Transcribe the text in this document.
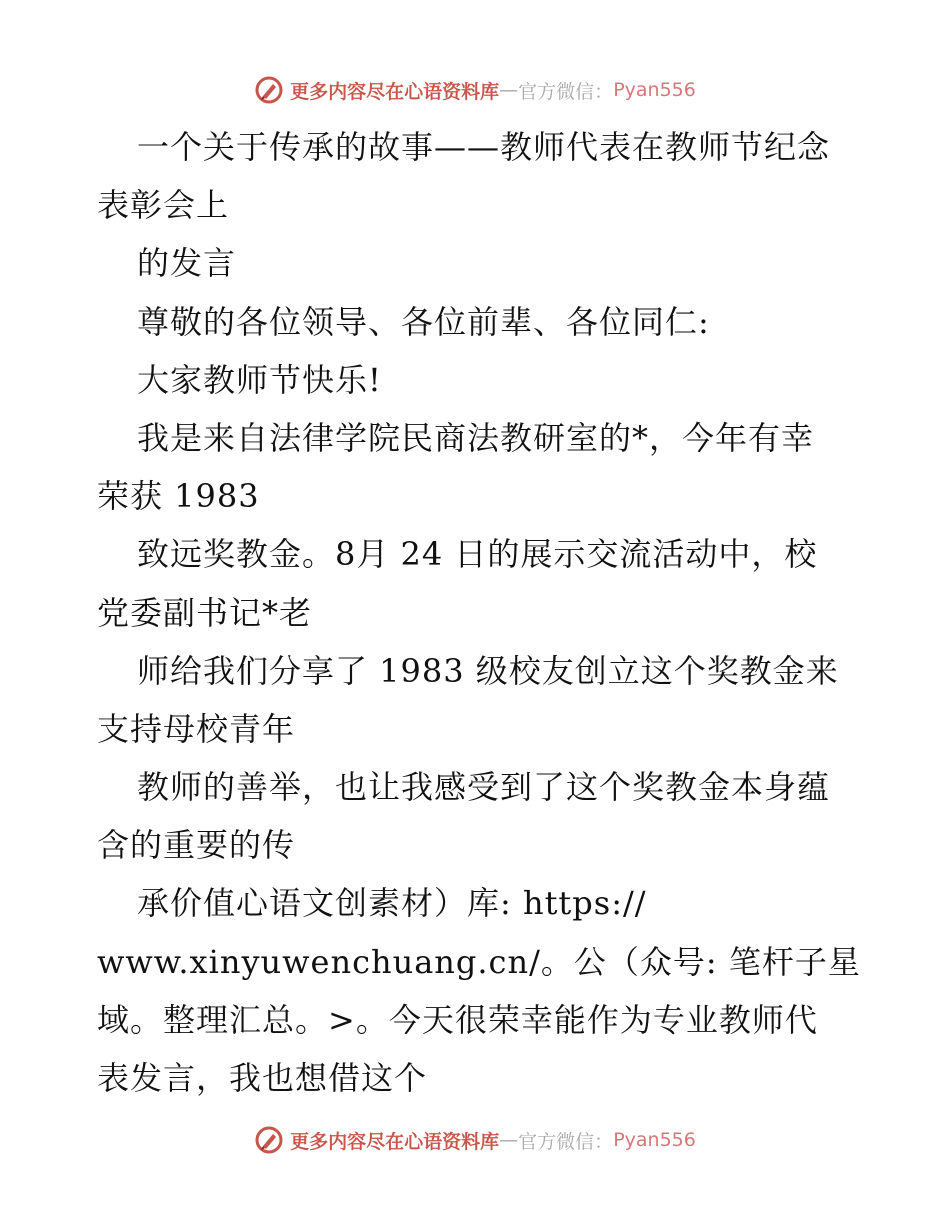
更多内容尽在心语资料库 — 官方微信： Pyan556
一个关于传承的故事——教师代表在教师节纪念
表彰会上
的发言
尊敬的各位领导、各位前辈、各位同仁:
大家教师节快乐!
我是来自法律学院民商法教研室的*，今年有幸
荣获 1983
致远奖教金。8月 24 日的展示交流活动中，校
党委副书记*老
师给我们分享了 1983 级校友创立这个奖教金来
支持母校青年
教师的善举，也让我感受到了这个奖教金本身蕴
含的重要的传
承价值心语文创素材）库: https://
www.xinyuwenchuang.cn/。公（众号: 笔杆子星
域。整理汇总。>。今天很荣幸能作为专业教师代
表发言，我也想借这个
更多内容尽在心语资料库 — 官方微信： Pyan556
